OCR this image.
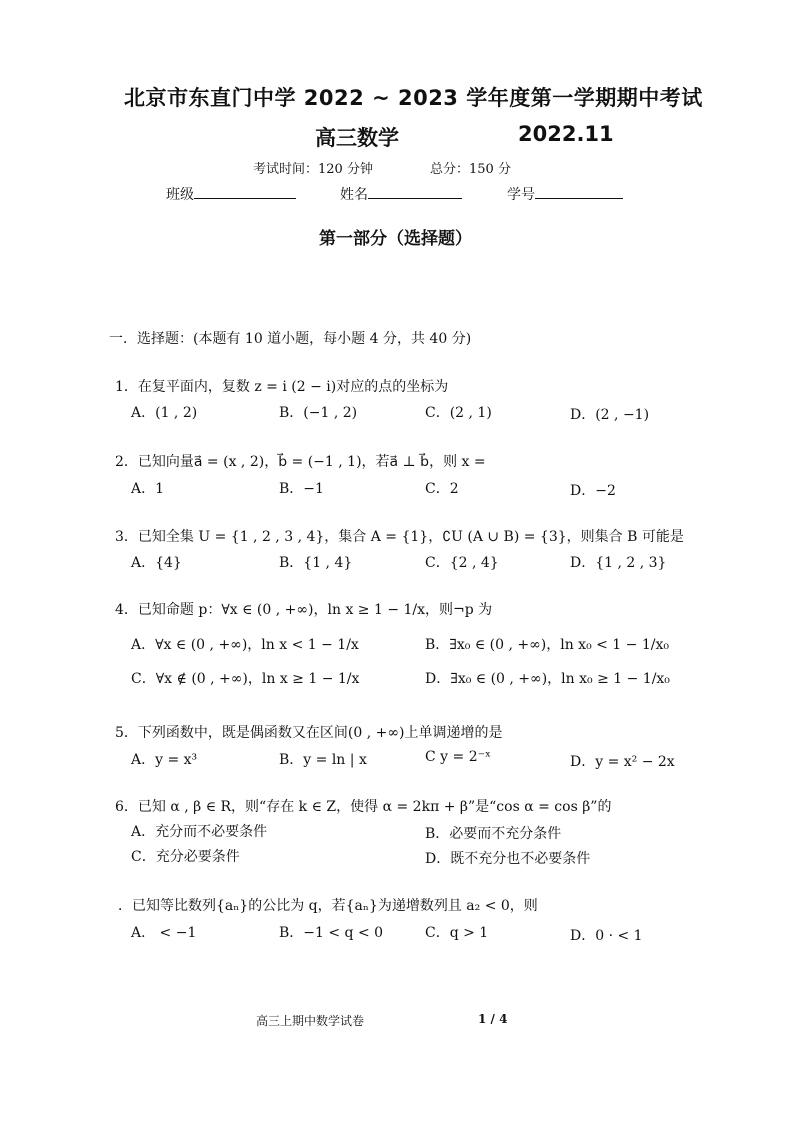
北京市东直门中学 2022 ~ 2023 学年度第一学期期中考试
高三数学	2022.11
考试时间：120 分钟	总分：150 分
班级	姓名	学号
第一部分（选择题）
一．选择题：(本题有 10 道小题，每小题 4 分，共 40 分)
1．在复平面内，复数 z = i (2 − i)对应的点的坐标为
A．(1 , 2)	B．(−1 , 2)	C．(2 , 1)	D．(2 , −1)
2．已知向量a⃗ = (x , 2)，b⃗ = (−1 , 1)，若a⃗ ⊥ b⃗，则 x =
A．1	B．−1	C．2	D．−2
3．已知全集 U = {1 , 2 , 3 , 4}，集合 A = {1}，∁U (A ∪ B) = {3}，则集合 B 可能是
A．{4}	B．{1 , 4}	C．{2 , 4}	D．{1 , 2 , 3}
4．已知命题 p：∀x ∈ (0 , +∞)，ln x ≥ 1 − 1/x，则¬p 为
A．∀x ∈ (0 , +∞)，ln x < 1 − 1/x	B．∃x₀ ∈ (0 , +∞)，ln x₀ < 1 − 1/x₀
C．∀x ∉ (0 , +∞)，ln x ≥ 1 − 1/x	D．∃x₀ ∈ (0 , +∞)，ln x₀ ≥ 1 − 1/x₀
5．下列函数中，既是偶函数又在区间(0 , +∞)上单调递增的是
A．y = x³	B．y = ln | x	C y = 2⁻ˣ	D．y = x² − 2x
6．已知 α , β ∈ R，则“存在 k ∈ Z，使得 α = 2kπ + β”是“cos α = cos β”的
A．充分而不必要条件	B．必要而不充分条件
C．充分必要条件	D．既不充分也不必要条件
．已知等比数列{aₙ}的公比为 q，若{aₙ}为递增数列且 a₂ < 0，则
A． < −1	B．−1 < q < 0	C．q > 1	D．0 · < 1
高三上期中数学试卷	1 / 4
